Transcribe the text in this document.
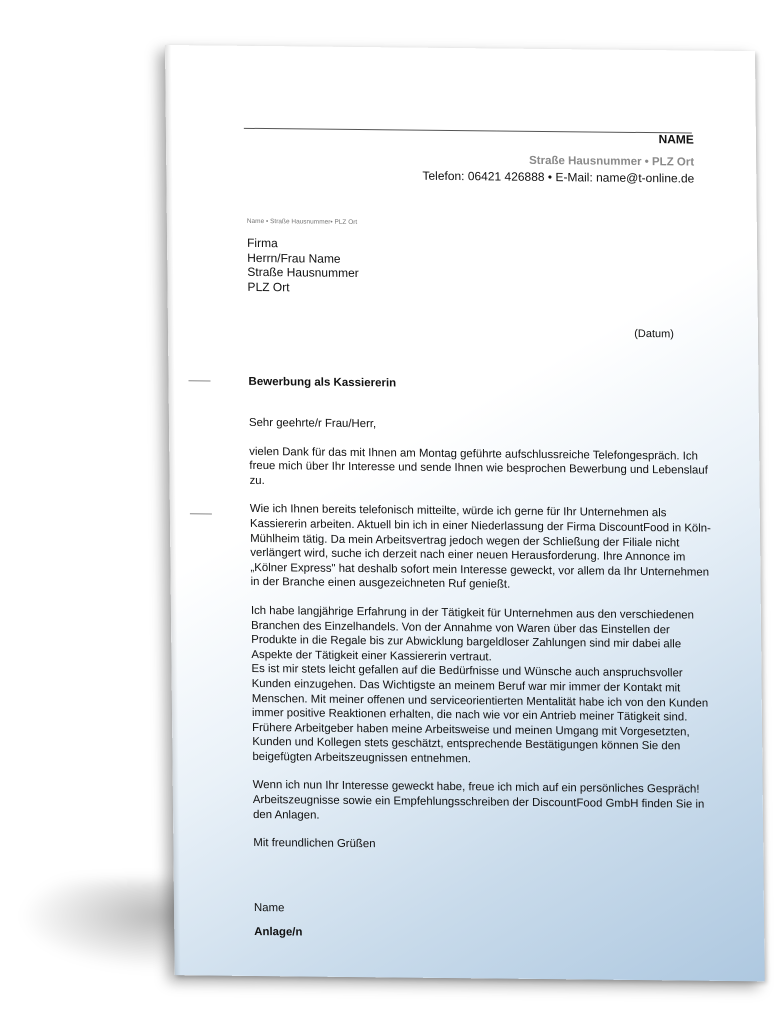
NAME
Straße Hausnummer • PLZ Ort
Telefon: 06421 426888 • E-Mail: name@t-online.de
Name • Straße Hausnummer• PLZ Ort
Firma
Herrn/Frau Name
Straße Hausnummer
PLZ Ort
(Datum)
Bewerbung als Kassiererin

Sehr geehrte/r Frau/Herr,

vielen Dank für das mit Ihnen am Montag geführte aufschlussreiche Telefongespräch. Ich freue mich über Ihr Interesse und sende Ihnen wie besprochen Bewerbung und Lebenslauf zu.

Wie ich Ihnen bereits telefonisch mitteilte, würde ich gerne für Ihr Unternehmen als Kassiererin arbeiten. Aktuell bin ich in einer Niederlassung der Firma DiscountFood in Köln-Mühlheim tätig. Da mein Arbeitsvertrag jedoch wegen der Schließung der Filiale nicht verlängert wird, suche ich derzeit nach einer neuen Herausforderung. Ihre Annonce im „Kölner Express" hat deshalb sofort mein Interesse geweckt, vor allem da Ihr Unternehmen in der Branche einen ausgezeichneten Ruf genießt.

Ich habe langjährige Erfahrung in der Tätigkeit für Unternehmen aus den verschiedenen Branchen des Einzelhandels. Von der Annahme von Waren über das Einstellen der Produkte in die Regale bis zur Abwicklung bargeldloser Zahlungen sind mir dabei alle Aspekte der Tätigkeit einer Kassiererin vertraut.

Es ist mir stets leicht gefallen auf die Bedürfnisse und Wünsche auch anspruchsvoller Kunden einzugehen. Das Wichtigste an meinem Beruf war mir immer der Kontakt mit Menschen. Mit meiner offenen und serviceorientierten Mentalität habe ich von den Kunden immer positive Reaktionen erhalten, die nach wie vor ein Antrieb meiner Tätigkeit sind. Frühere Arbeitgeber haben meine Arbeitsweise und meinen Umgang mit Vorgesetzten, Kunden und Kollegen stets geschätzt, entsprechende Bestätigungen können Sie den beigefügten Arbeitszeugnissen entnehmen.

Wenn ich nun Ihr Interesse geweckt habe, freue ich mich auf ein persönliches Gespräch! Arbeitszeugnisse sowie ein Empfehlungsschreiben der DiscountFood GmbH finden Sie in den Anlagen.

Mit freundlichen Grüßen

Name

Anlage/n
